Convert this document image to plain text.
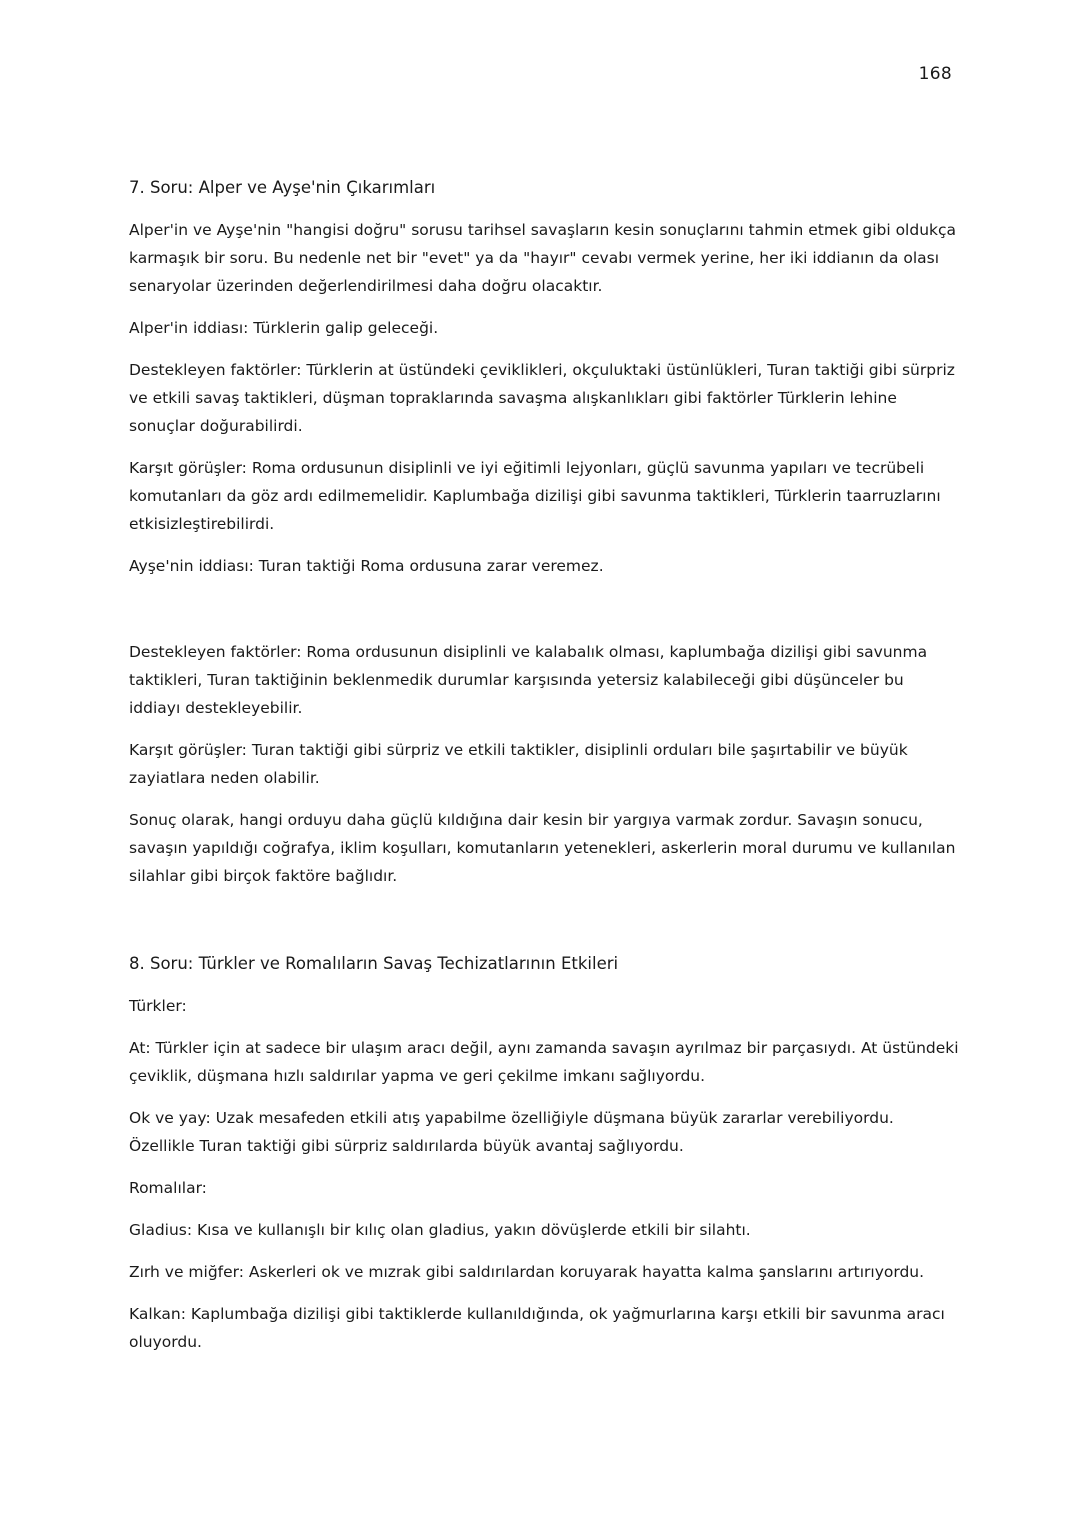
168
7. Soru: Alper ve Ayşe'nin Çıkarımları

Alper'in ve Ayşe'nin "hangisi doğru" sorusu tarihsel savaşların kesin sonuçlarını tahmin etmek gibi oldukça karmaşık bir soru. Bu nedenle net bir "evet" ya da "hayır" cevabı vermek yerine, her iki iddianın da olası senaryolar üzerinden değerlendirilmesi daha doğru olacaktır.

Alper'in iddiası: Türklerin galip geleceği.

Destekleyen faktörler: Türklerin at üstündeki çeviklikleri, okçuluktaki üstünlükleri, Turan taktiği gibi sürpriz ve etkili savaş taktikleri, düşman topraklarında savaşma alışkanlıkları gibi faktörler Türklerin lehine sonuçlar doğurabilirdi.

Karşıt görüşler: Roma ordusunun disiplinli ve iyi eğitimli lejyonları, güçlü savunma yapıları ve tecrübeli komutanları da göz ardı edilmemelidir. Kaplumbağa dizilişi gibi savunma taktikleri, Türklerin taarruzlarını etkisizleştirebilirdi.

Ayşe'nin iddiası: Turan taktiği Roma ordusuna zarar veremez.

Destekleyen faktörler: Roma ordusunun disiplinli ve kalabalık olması, kaplumbağa dizilişi gibi savunma taktikleri, Turan taktiğinin beklenmedik durumlar karşısında yetersiz kalabileceği gibi düşünceler bu iddiayı destekleyebilir.

Karşıt görüşler: Turan taktiği gibi sürpriz ve etkili taktikler, disiplinli orduları bile şaşırtabilir ve büyük zayiatlara neden olabilir.

Sonuç olarak, hangi orduyu daha güçlü kıldığına dair kesin bir yargıya varmak zordur. Savaşın sonucu, savaşın yapıldığı coğrafya, iklim koşulları, komutanların yetenekleri, askerlerin moral durumu ve kullanılan silahlar gibi birçok faktöre bağlıdır.

8. Soru: Türkler ve Romalıların Savaş Techizatlarının Etkileri

Türkler:

At: Türkler için at sadece bir ulaşım aracı değil, aynı zamanda savaşın ayrılmaz bir parçasıydı. At üstündeki çeviklik, düşmana hızlı saldırılar yapma ve geri çekilme imkanı sağlıyordu.

Ok ve yay: Uzak mesafeden etkili atış yapabilme özelliğiyle düşmana büyük zararlar verebiliyordu. Özellikle Turan taktiği gibi sürpriz saldırılarda büyük avantaj sağlıyordu.

Romalılar:

Gladius: Kısa ve kullanışlı bir kılıç olan gladius, yakın dövüşlerde etkili bir silahtı.

Zırh ve miğfer: Askerleri ok ve mızrak gibi saldırılardan koruyarak hayatta kalma şanslarını artırıyordu.

Kalkan: Kaplumbağa dizilişi gibi taktiklerde kullanıldığında, ok yağmurlarına karşı etkili bir savunma aracı oluyordu.
